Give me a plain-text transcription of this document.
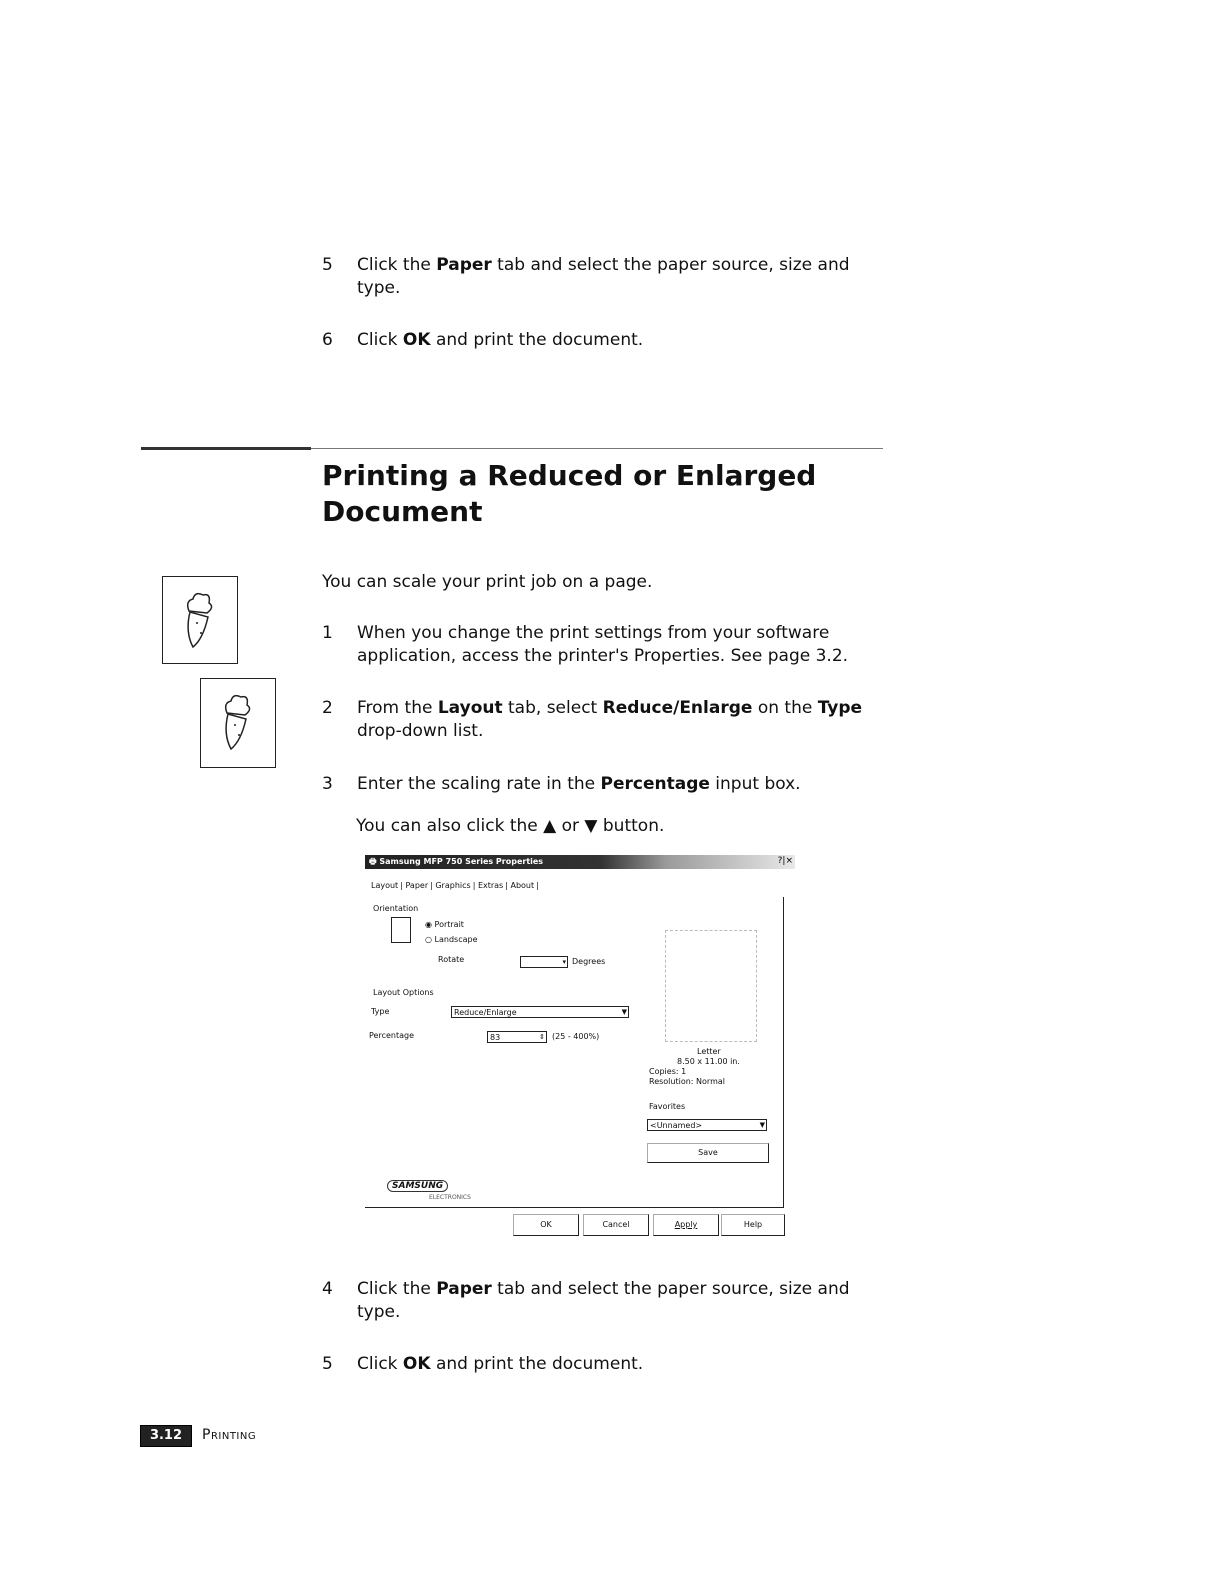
5 Click the Paper tab and select the paper source, size and type.
6 Click OK and print the document.
Printing a Reduced or Enlarged Document
You can scale your print job on a page.
1 When you change the print settings from your software application, access the printer's Properties. See page 3.2.
2 From the Layout tab, select Reduce/Enlarge on the Type drop-down list.
3 Enter the scaling rate in the Percentage input box.
You can also click the ▲ or ▼ button.
🖶 Samsung MFP 750 Series Properties	?|×
Layout | Paper | Graphics | Extras | About |
Orientation
◉ Portrait
○ Landscape
Rotate	▾ Degrees
Layout Options
Type	Reduce/Enlarge	▼
Percentage	83	⇕ (25 - 400%)
Letter
8.50 x 11.00 in.
Copies: 1
Resolution: Normal
Favorites
<Unnamed>	▼
Save
SAMSUNG
ELECTRONICS
OK	Cancel	Apply	Help
4 Click the Paper tab and select the paper source, size and type.
5 Click OK and print the document.
3.12	Printing
